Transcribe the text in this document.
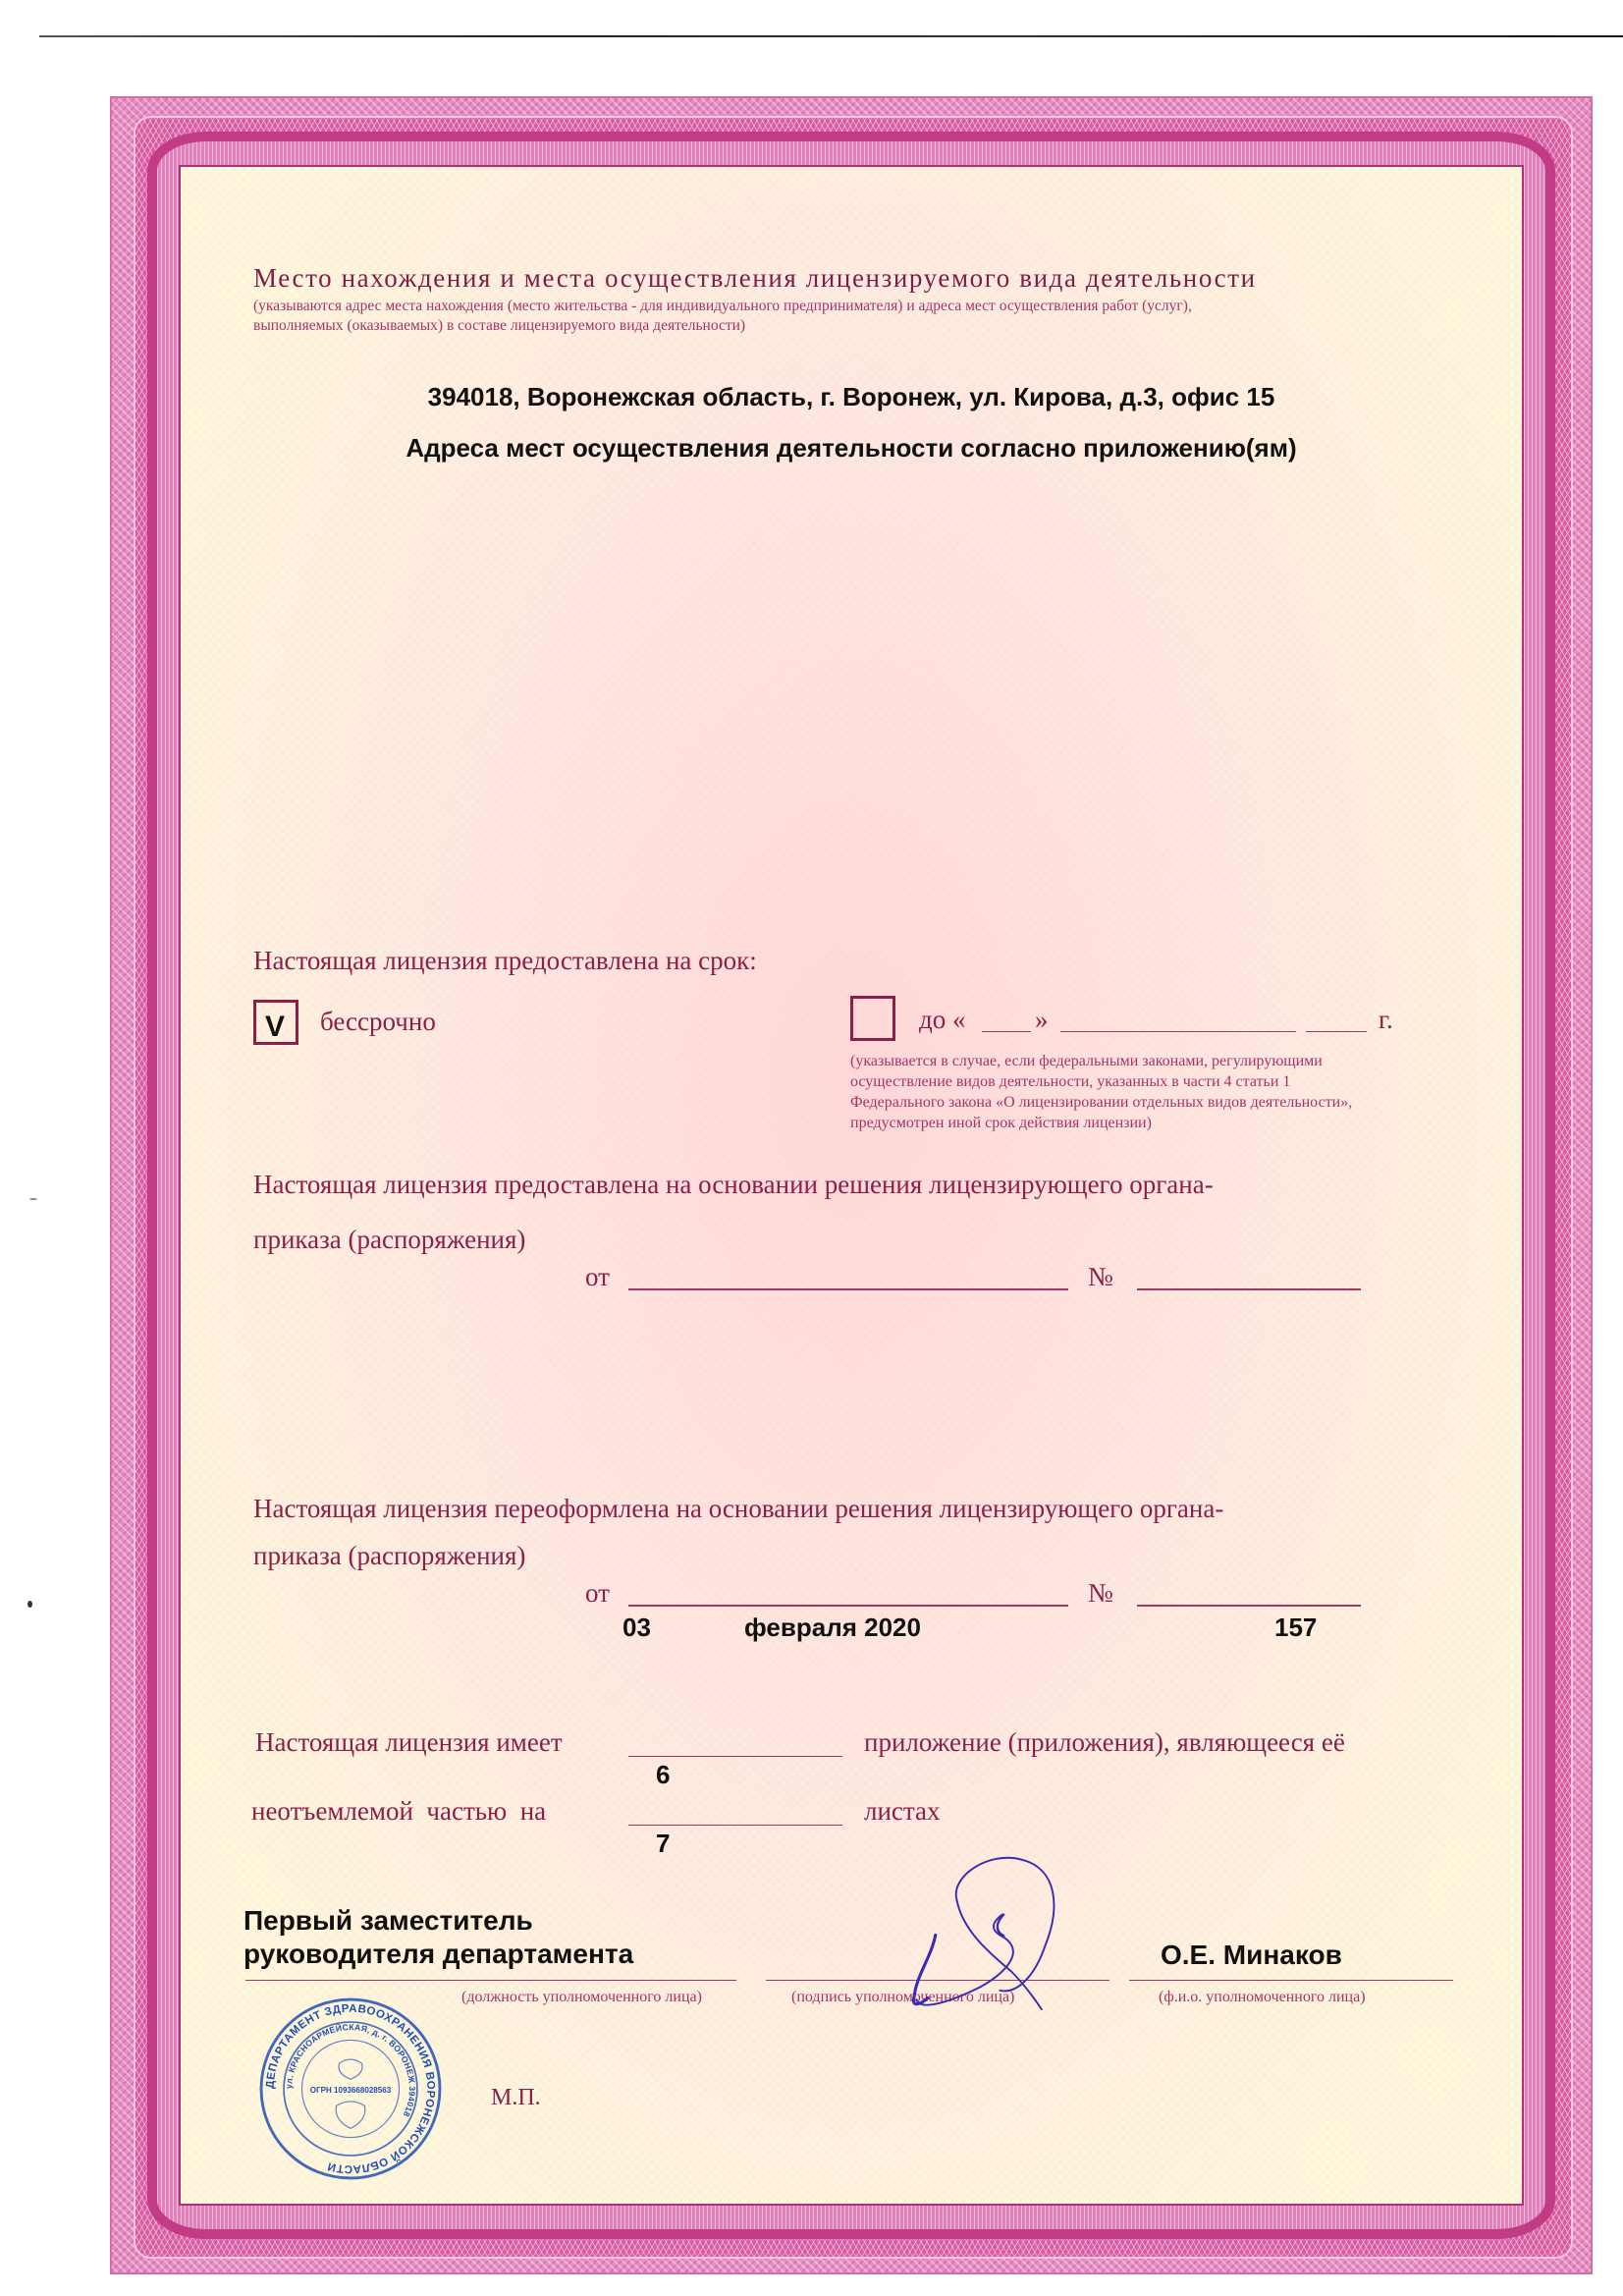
Место нахождения и места осуществления лицензируемого вида деятельности
(указываются адрес места нахождения (место жительства - для индивидуального предпринимателя) и адреса мест осуществления работ (услуг),
выполняемых (оказываемых) в составе лицензируемого вида деятельности)
394018, Воронежская область, г. Воронеж, ул. Кирова, д.3, офис 15
Адреса мест осуществления деятельности согласно приложению(ям)
Настоящая лицензия предоставлена на срок:
V бессрочно	до «	»	г.
(указывается в случае, если федеральными законами, регулирующими
осуществление видов деятельности, указанных в части 4 статьи 1
Федерального закона «О лицензировании отдельных видов деятельности»,
предусмотрен иной срок действия лицензии)
Настоящая лицензия предоставлена на основании решения лицензирующего органа-
приказа (распоряжения)
от	№
Настоящая лицензия переоформлена на основании решения лицензирующего органа-
приказа (распоряжения)
от	№
03	февраля 2020	157
Настоящая лицензия имеет
6
приложение (приложения), являющееся её
неотъемлемой  частью  на
7
листах
ДЕПАРТАМЕНТ ЗДРАВООХРАНЕНИЯ ВОРОНЕЖСКОЙ ОБЛАСТИ
ул. КРАСНОАРМЕЙСКАЯ, д. г. ВОРОНЕЖ 394018
ОГРН 1093668028563
Первый заместитель
руководителя департамента
(должность уполномоченного лица)	(подпись уполномоченного лица)
О.Е. Минаков
(ф.и.о. уполномоченного лица)
М.П.
